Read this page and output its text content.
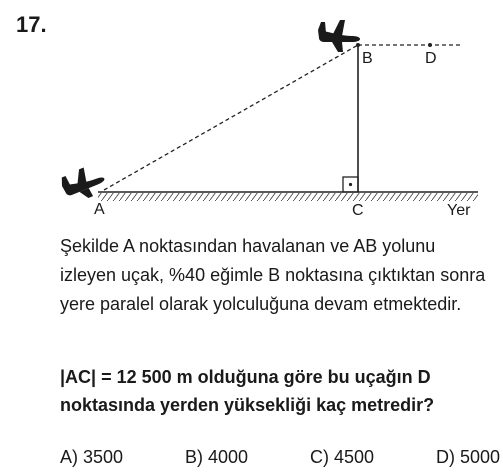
17.
A
B
C
D
Yer

Şekilde A noktasından havalanan ve AB yolunu izleyen uçak, %40 eğimle B noktasına çıktıktan sonra yere paralel olarak yolculuğuna devam etmektedir.

|AC| = 12 500 m olduğuna göre bu uçağın D noktasında yerden yüksekliği kaç metredir?

A) 3500	B) 4000	C) 4500	D) 5000
